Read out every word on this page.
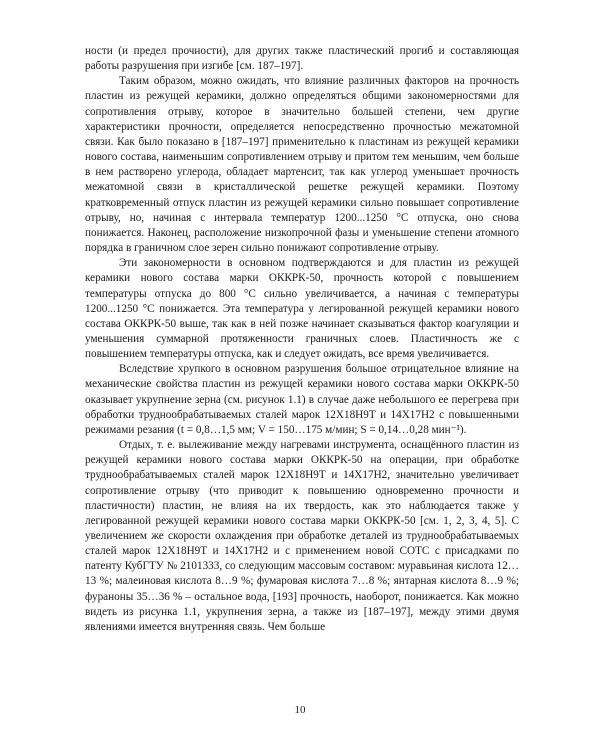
ности (и предел прочности), для других также пластический прогиб и составляющая работы разрушения при изгибе [см. 187–197].

Таким образом, можно ожидать, что влияние различных факторов на прочность пластин из режущей керамики, должно определяться общими закономерностями для сопротивления отрыву, которое в значительно большей степени, чем другие характеристики прочности, определяется непосредственно прочностью межатомной связи. Как было показано в [187–197] применительно к пластинам из режущей керамики нового состава, наименьшим сопротивлением отрыву и притом тем меньшим, чем больше в нем растворено углерода, обладает мартенсит, так как углерод уменьшает прочность межатомной связи в кристаллической решетке режущей керамики. Поэтому кратковременный отпуск пластин из режущей керамики сильно повышает сопротивление отрыву, но, начиная с интервала температур 1200...1250 °С отпуска, оно снова понижается. Наконец, расположение низкопрочной фазы и уменьшение степени атомного порядка в граничном слое зерен сильно понижают сопротивление отрыву.

Эти закономерности в основном подтверждаются и для пластин из режущей керамики нового состава марки ОККРК-50, прочность которой с повышением температуры отпуска до 800 °С сильно увеличивается, а начиная с температуры 1200...1250 °С понижается. Эта температура у легированной режущей керамики нового состава ОККРК-50 выше, так как в ней позже начинает сказываться фактор коагуляции и уменьшения суммарной протяженности граничных слоев. Пластичность же с повышением температуры отпуска, как и следует ожидать, все время увеличивается.

Вследствие хрупкого в основном разрушения большое отрицательное влияние на механические свойства пластин из режущей керамики нового состава марки ОККРК-50 оказывает укрупнение зерна (см. рисунок 1.1) в случае даже небольшого ее перегрева при обработки труднообрабатываемых сталей марок 12Х18Н9Т и 14Х17Н2 с повышенными режимами резания (t = 0,8…1,5 мм; V = 150…175 м/мин; S = 0,14…0,28 мин⁻¹).

Отдых, т. е. вылеживание между нагревами инструмента, оснащённого пластин из режущей керамики нового состава марки ОККРК-50 на операции, при обработке труднообрабатываемых сталей марок 12Х18Н9Т и 14Х17Н2, значительно увеличивает сопротивление отрыву (что приводит к повышению одновременно прочности и пластичности) пластин, не влияя на их твердость, как это наблюдается также у легированной режущей керамики нового состава марки ОККРК-50 [см. 1, 2, 3, 4, 5]. С увеличением же скорости охлаждения при обработке деталей из труднообрабатываемых сталей марок 12Х18Н9Т и 14Х17Н2 и с применением новой СОТС с присадками по патенту КубГТУ № 2101333, со следующим массовым составом: муравьиная кислота 12…13 %; малеиновая кислота 8…9 %; фумаровая кислота 7…8 %; янтарная кислота 8…9 %; фураноны 35…36 % – остальное вода, [193] прочность, наоборот, понижается. Как можно видеть из рисунка 1.1, укрупнения зерна, а также из [187–197], между этими двумя явлениями имеется внутренняя связь. Чем больше

10
